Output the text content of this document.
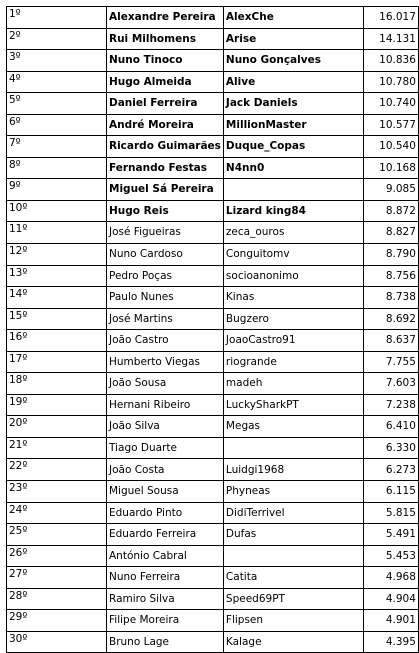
1º	Alexandre Pereira	AlexChe	16.017
2º	Rui Milhomens	Arise	14.131
3º	Nuno Tinoco	Nuno Gonçalves	10.836
4º	Hugo Almeida	Alive	10.780
5º	Daniel Ferreira	Jack Daniels	10.740
6º	André Moreira	MillionMaster	10.577
7º	Ricardo Guimarães	Duque_Copas	10.540
8º	Fernando Festas	N4nn0	10.168
9º	Miguel Sá Pereira		9.085
10º	Hugo Reis	Lizard king84	8.872
11º	José Figueiras	zeca_ouros	8.827
12º	Nuno Cardoso	Conguitomv	8.790
13º	Pedro Poças	socioanonimo	8.756
14º	Paulo Nunes	Kinas	8.738
15º	José Martins	Bugzero	8.692
16º	João Castro	JoaoCastro91	8.637
17º	Humberto Viegas	riogrande	7.755
18º	João Sousa	madeh	7.603
19º	Hernani Ribeiro	LuckySharkPT	7.238
20º	João Silva	Megas	6.410
21º	Tiago Duarte		6.330
22º	João Costa	Luidgi1968	6.273
23º	Miguel Sousa	Phyneas	6.115
24º	Eduardo Pinto	DidiTerrivel	5.815
25º	Eduardo Ferreira	Dufas	5.491
26º	António Cabral		5.453
27º	Nuno Ferreira	Catita	4.968
28º	Ramiro Silva	Speed69PT	4.904
29º	Filipe Moreira	Flipsen	4.901
30º	Bruno Lage	Kalage	4.395
